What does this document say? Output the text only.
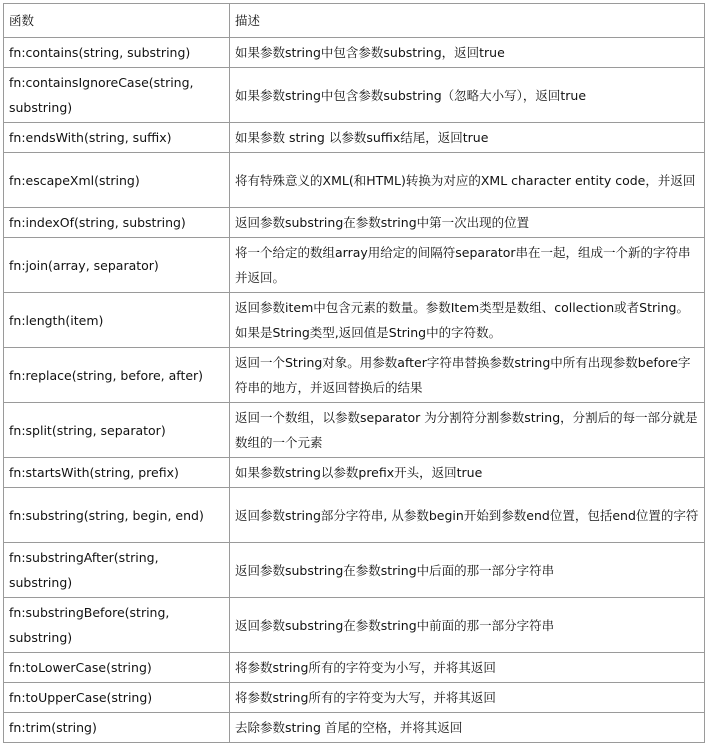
函数	描述
fn:contains(string, substring)	如果参数string中包含参数substring，返回true
fn:containsIgnoreCase(string, substring)	如果参数string中包含参数substring（忽略大小写），返回true
fn:endsWith(string, suffix)	如果参数 string 以参数suffix结尾，返回true
fn:escapeXml(string)	将有特殊意义的XML(和HTML)转换为对应的XML character entity code，并返回
fn:indexOf(string, substring)	返回参数substring在参数string中第一次出现的位置
fn:join(array, separator)	将一个给定的数组array用给定的间隔符separator串在一起，组成一个新的字符串并返回。
fn:length(item)	返回参数item中包含元素的数量。参数Item类型是数组、collection或者String。如果是String类型,返回值是String中的字符数。
fn:replace(string, before, after)	返回一个String对象。用参数after字符串替换参数string中所有出现参数before字符串的地方，并返回替换后的结果
fn:split(string, separator)	返回一个数组，以参数separator 为分割符分割参数string，分割后的每一部分就是数组的一个元素
fn:startsWith(string, prefix)	如果参数string以参数prefix开头，返回true
fn:substring(string, begin, end)	返回参数string部分字符串, 从参数begin开始到参数end位置，包括end位置的字符
fn:substringAfter(string, substring)	返回参数substring在参数string中后面的那一部分字符串
fn:substringBefore(string, substring)	返回参数substring在参数string中前面的那一部分字符串
fn:toLowerCase(string)	将参数string所有的字符变为小写，并将其返回
fn:toUpperCase(string)	将参数string所有的字符变为大写，并将其返回
fn:trim(string)	去除参数string 首尾的空格，并将其返回
